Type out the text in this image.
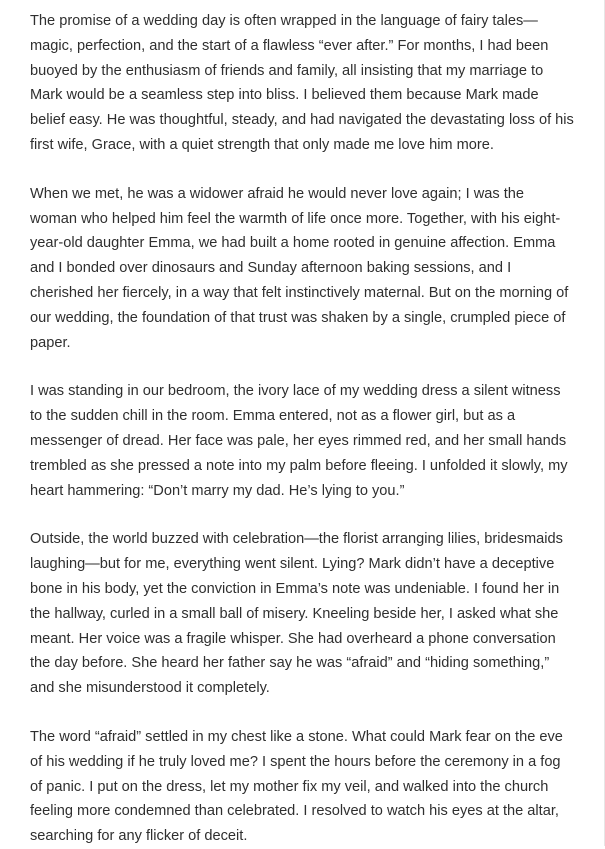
The promise of a wedding day is often wrapped in the language of fairy tales—magic, perfection, and the start of a flawless “ever after.” For months, I had been buoyed by the enthusiasm of friends and family, all insisting that my marriage to Mark would be a seamless step into bliss. I believed them because Mark made belief easy. He was thoughtful, steady, and had navigated the devastating loss of his first wife, Grace, with a quiet strength that only made me love him more.

When we met, he was a widower afraid he would never love again; I was the woman who helped him feel the warmth of life once more. Together, with his eight-year-old daughter Emma, we had built a home rooted in genuine affection. Emma and I bonded over dinosaurs and Sunday afternoon baking sessions, and I cherished her fiercely, in a way that felt instinctively maternal. But on the morning of our wedding, the foundation of that trust was shaken by a single, crumpled piece of paper.

I was standing in our bedroom, the ivory lace of my wedding dress a silent witness to the sudden chill in the room. Emma entered, not as a flower girl, but as a messenger of dread. Her face was pale, her eyes rimmed red, and her small hands trembled as she pressed a note into my palm before fleeing. I unfolded it slowly, my heart hammering: “Don’t marry my dad. He’s lying to you.”

Outside, the world buzzed with celebration—the florist arranging lilies, bridesmaids laughing—but for me, everything went silent. Lying? Mark didn’t have a deceptive bone in his body, yet the conviction in Emma’s note was undeniable. I found her in the hallway, curled in a small ball of misery. Kneeling beside her, I asked what she meant. Her voice was a fragile whisper. She had overheard a phone conversation the day before. She heard her father say he was “afraid” and “hiding something,” and she misunderstood it completely.

The word “afraid” settled in my chest like a stone. What could Mark fear on the eve of his wedding if he truly loved me? I spent the hours before the ceremony in a fog of panic. I put on the dress, let my mother fix my veil, and walked into the church feeling more condemned than celebrated. I resolved to watch his eyes at the altar, searching for any flicker of deceit.
